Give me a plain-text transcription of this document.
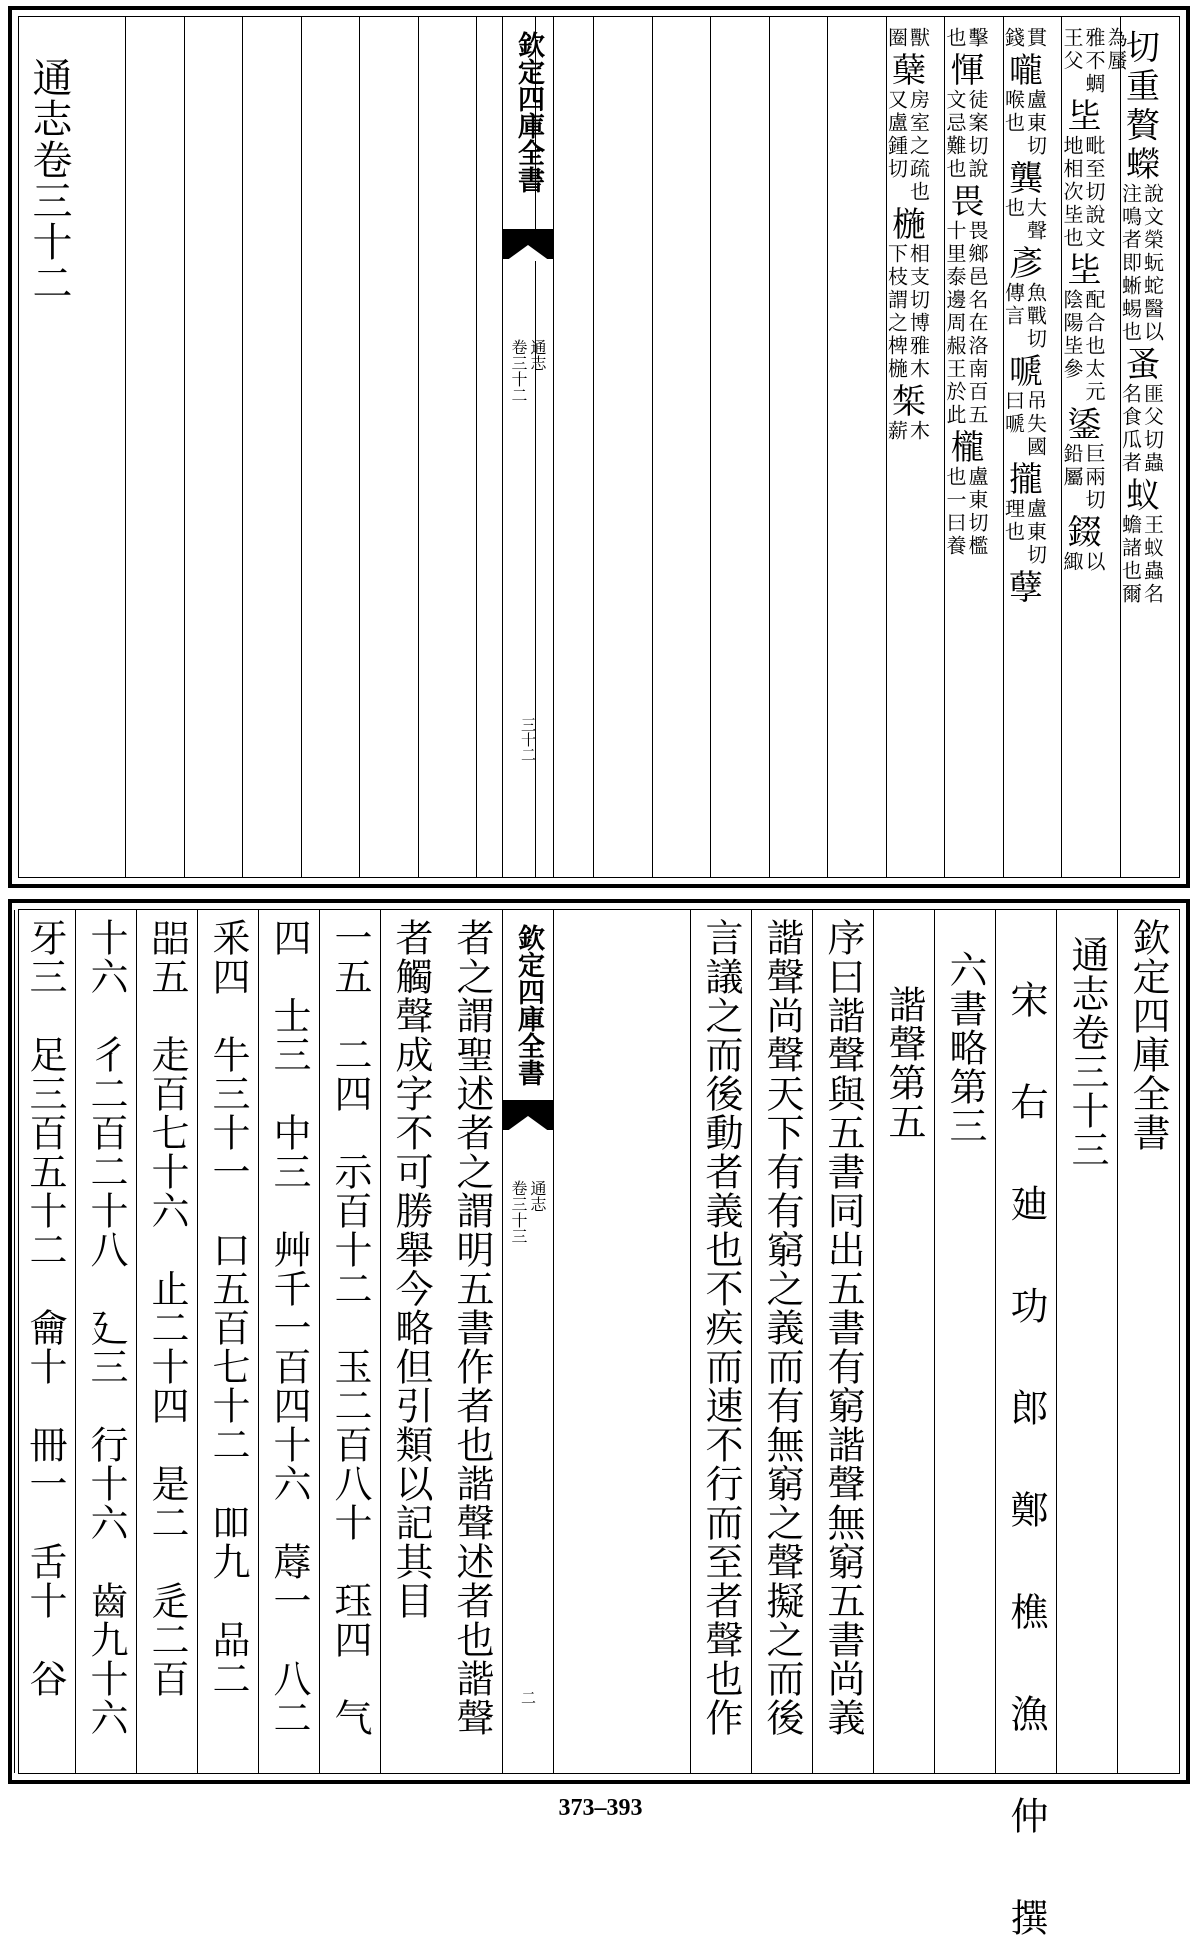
切
重
贅
蠑
說文榮蚖蛇醫以
注鳴者即蜥蜴也
蚤
匪父切蟲
名食瓜者
蚁
王蚁蟲名
蟾諸也爾
為蜃
雅不蜩
王父
坒
毗至切說文
地相次坒也
坒
配合也太元
陰陽坒參
鋈
巨兩切
鉛屬
錣
以
緅
貫
錢
嚨
盧東切
喉也
龔
大聲
也
彥
魚戰切
傳言
嗁
吊失國
曰嗁
攏
盧東切
理也
孽
擊
也
惲
徒案切說
文忌難也
畏
畏鄉邑名在洛南百五
十里泰邊周赧王於此
櫳
盧東切檻
也一曰養
獸
圈
蘖
房室之疏也
又盧鍾切
椸
相支切博雅木
下枝謂之椑椸
椞
木
薪
欽定四庫全書
通志
卷三十二
三十二
通志卷三十二
欽定四庫全書
通志卷三十三
宋 右 廸 功 郎 鄭 樵 漁 仲 撰
六書略第三
諧聲第五
序曰諧聲與五書同出五書有窮諧聲無窮五書尚義
諧聲尚聲天下有有窮之義而有無窮之聲擬之而後
言議之而後動者義也不疾而速不行而至者聲也作
欽定四庫全書
通志
卷三十三
二
者之謂聖述者之謂明五書作者也諧聲述者也諧聲
者觸聲成字不可勝舉今略但引類以記其目
一五　二四　示百十二　玉二百八十　珏四　气
四　士三　中三　艸千一百四十六　蓐一　八二
釆四　牛三十一　口五百七十二　吅九　品二
㗊五　走百七十六　止二十四　是二　辵二百
十六　彳二百二十八　廴三　行十六　齒九十六
牙三　足三百五十二　龠十　冊一　舌十　谷
373–393
